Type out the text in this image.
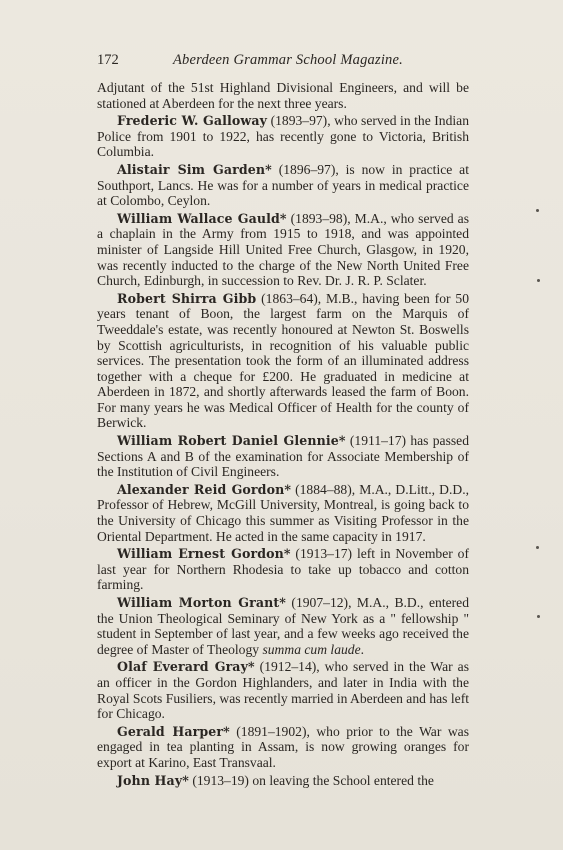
172	Aberdeen Grammar School Magazine.

Adjutant of the 51st Highland Divisional Engineers, and will be stationed at Aberdeen for the next three years.

Frederic W. Galloway (1893–97), who served in the Indian Police from 1901 to 1922, has recently gone to Victoria, British Columbia.

Alistair Sim Garden* (1896–97), is now in practice at Southport, Lancs. He was for a number of years in medical practice at Colombo, Ceylon.

William Wallace Gauld* (1893–98), M.A., who served as a chaplain in the Army from 1915 to 1918, and was appointed minister of Langside Hill United Free Church, Glasgow, in 1920, was recently inducted to the charge of the New North United Free Church, Edinburgh, in succession to Rev. Dr. J. R. P. Sclater.

Robert Shirra Gibb (1863–64), M.B., having been for 50 years tenant of Boon, the largest farm on the Marquis of Tweeddale's estate, was recently honoured at Newton St. Boswells by Scottish agriculturists, in recognition of his valuable public services. The presentation took the form of an illuminated address together with a cheque for £200. He graduated in medicine at Aberdeen in 1872, and shortly afterwards leased the farm of Boon. For many years he was Medical Officer of Health for the county of Berwick.

William Robert Daniel Glennie* (1911–17) has passed Sections A and B of the examination for Associate Membership of the Institution of Civil Engineers.

Alexander Reid Gordon* (1884–88), M.A., D.Litt., D.D., Professor of Hebrew, McGill University, Montreal, is going back to the University of Chicago this summer as Visiting Professor in the Oriental Department. He acted in the same capacity in 1917.

William Ernest Gordon* (1913–17) left in November of last year for Northern Rhodesia to take up tobacco and cotton farming.

William Morton Grant* (1907–12), M.A., B.D., entered the Union Theological Seminary of New York as a " fellowship " student in September of last year, and a few weeks ago received the degree of Master of Theology summa cum laude.

Olaf Everard Gray* (1912–14), who served in the War as an officer in the Gordon Highlanders, and later in India with the Royal Scots Fusiliers, was recently married in Aberdeen and has left for Chicago.

Gerald Harper* (1891–1902), who prior to the War was engaged in tea planting in Assam, is now growing oranges for export at Karino, East Transvaal.

John Hay* (1913–19) on leaving the School entered the
